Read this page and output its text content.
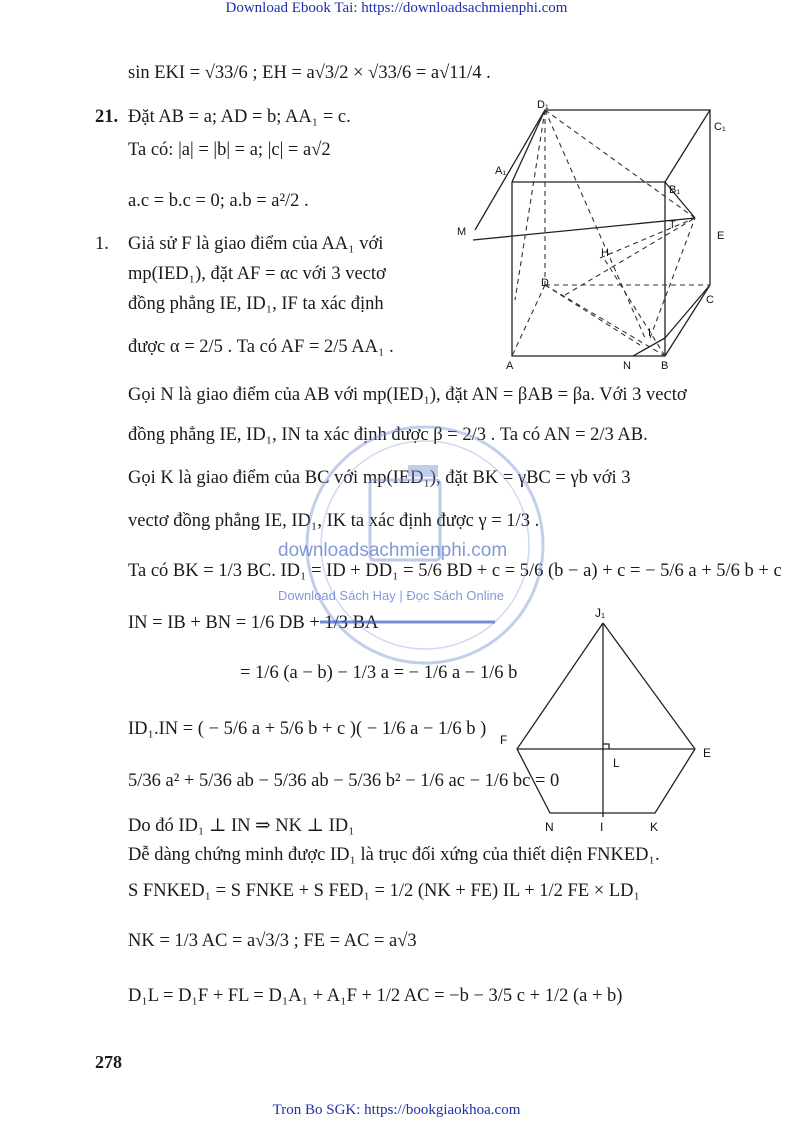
Download Ebook Tai: https://downloadsachmienphi.com
sin EKI = √33/6 ; EH = a√3/2 × √33/6 = a√11/4 .
21. Đặt AB = a; AD = b; AA₁ = c.
Ta có: |a| = |b| = a; |c| = a√2
a.c = b.c = 0; a.b = a²/2 .
1. Giả sử F là giao điểm của AA₁ với
mp(IED₁), đặt AF = αc với 3 vectơ
đồng phẳng IE, ID₁, IF ta xác định
được α = 2/5 . Ta có AF = 2/5 AA₁ .
D₁
C₁
A₁
B₁
M
T
E
H
D
C
I
A	N	B
Gọi N là giao điểm của AB với mp(IED₁), đặt AN = βAB = βa. Với 3 vectơ
đồng phẳng IE, ID₁, IN ta xác định được β = 2/3 . Ta có AN = 2/3 AB.
Gọi K là giao điểm của BC với mp(IED₁), đặt BK = γBC = γb với 3
vectơ đồng phẳng IE, ID₁, IK ta xác định được γ = 1/3 .
Ta có BK = 1/3 BC. ID₁ = ID + DD₁ = 5/6 BD + c = 5/6 (b − a) + c = − 5/6 a + 5/6 b + c
IN = IB + BN = 1/6 DB + 1/3 BA
= 1/6 (a − b) − 1/3 a = − 1/6 a − 1/6 b
ID₁.IN = ( − 5/6 a + 5/6 b + c )( − 1/6 a − 1/6 b )
5/36 a² + 5/36 ab − 5/36 ab − 5/36 b² − 1/6 ac − 1/6 bc = 0
J₁
F
E
L
N	I	K
Do đó ID₁ ⊥ IN ⇒ NK ⊥ ID₁
Dễ dàng chứng minh được ID₁ là trục đối xứng của thiết diện FNKED₁.
S FNKED₁ = S FNKE + S FED₁ = 1/2 (NK + FE) IL + 1/2 FE × LD₁
NK = 1/3 AC = a√3/3 ; FE = AC = a√3
D₁L = D₁F + FL = D₁A₁ + A₁F + 1/2 AC = −b − 3/5 c + 1/2 (a + b)
downloadsachmienphi.com
Download Sách Hay | Đọc Sách Online
278
Tron Bo SGK: https://bookgiaokhoa.com
